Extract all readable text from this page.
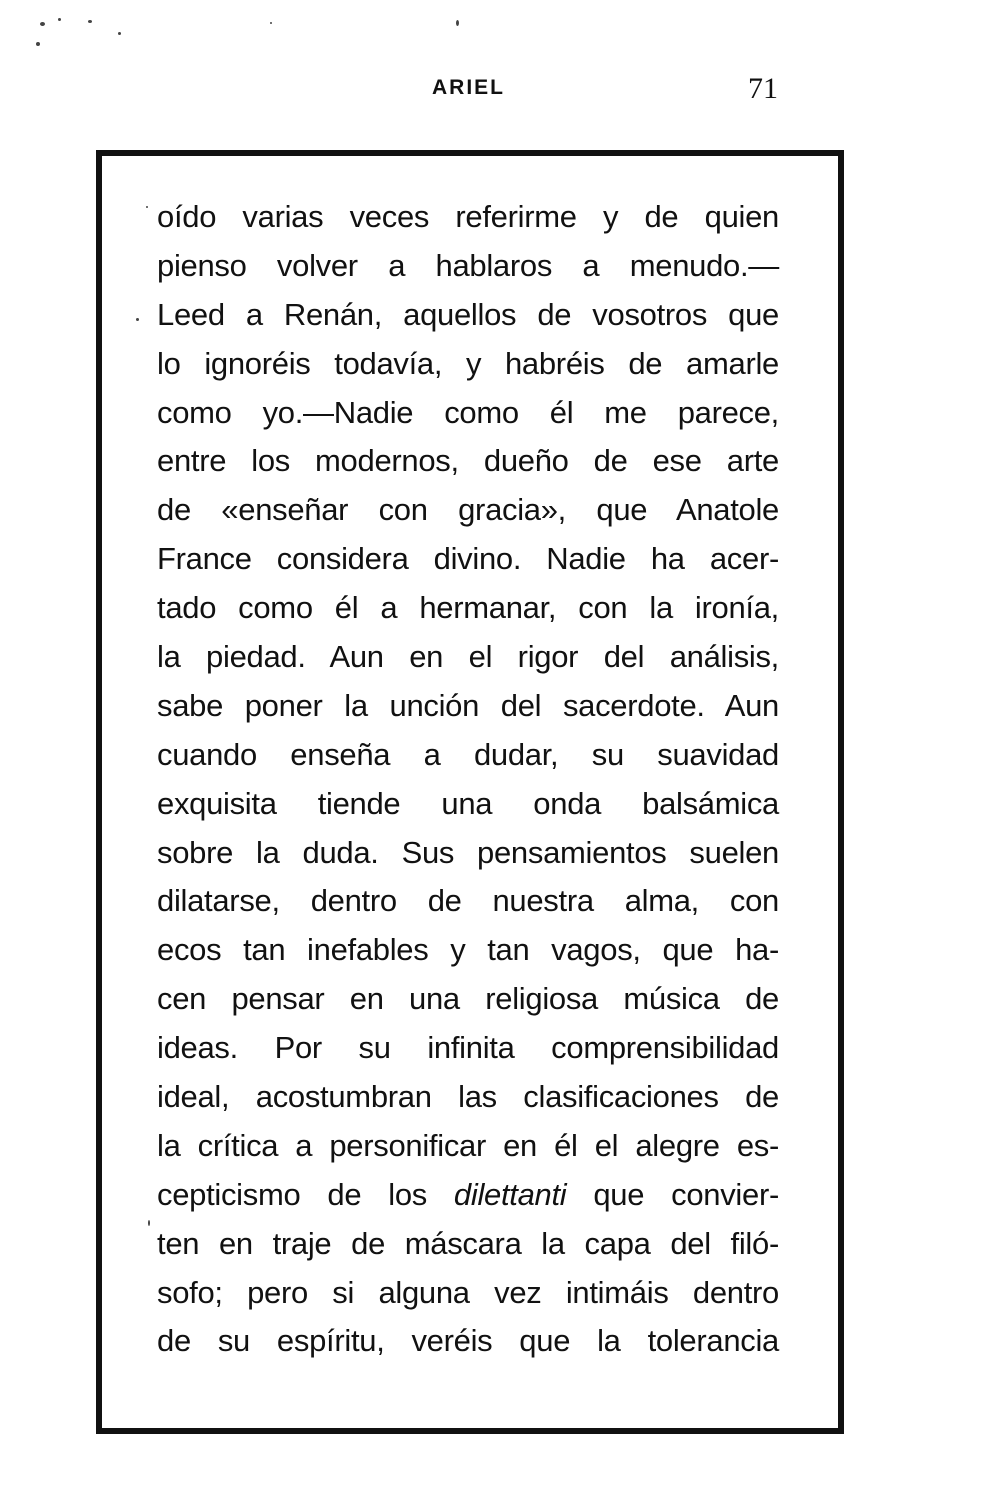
ARIEL	71
oído varias veces referirme y de quien
pienso volver a hablaros a menudo.—
Leed a Renán, aquellos de vosotros que
lo ignoréis todavía, y habréis de amarle
como yo.—Nadie como él me parece,
entre los modernos, dueño de ese arte
de «enseñar con gracia», que Anatole
France considera divino. Nadie ha acer-
tado como él a hermanar, con la ironía,
la piedad. Aun en el rigor del análisis,
sabe poner la unción del sacerdote. Aun
cuando enseña a dudar, su suavidad
exquisita tiende una onda balsámica
sobre la duda. Sus pensamientos suelen
dilatarse, dentro de nuestra alma, con
ecos tan inefables y tan vagos, que ha-
cen pensar en una religiosa música de
ideas. Por su infinita comprensibilidad
ideal, acostumbran las clasificaciones de
la crítica a personificar en él el alegre es-
cepticismo de los dilettanti que convier-
ten en traje de máscara la capa del filó-
sofo; pero si alguna vez intimáis dentro
de su espíritu, veréis que la tolerancia
